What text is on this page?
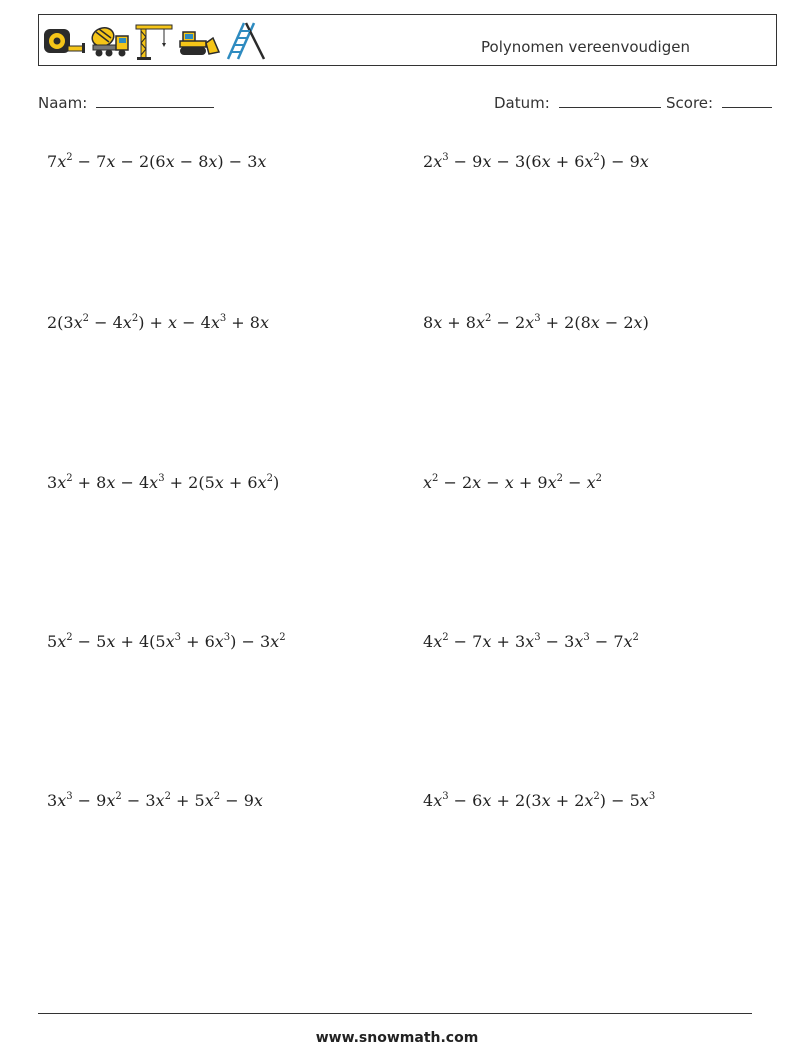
Polynomen vereenvoudigen
Naam:	Datum:	Score:
$7x^2 - 7x - 2(6x - 8x) - 3x$	$2x^3 - 9x - 3(6x + 6x^2) - 9x$
$2(3x^2 - 4x^2) + x - 4x^3 + 8x$	$8x + 8x^2 - 2x^3 + 2(8x - 2x)$
$3x^2 + 8x - 4x^3 + 2(5x + 6x^2)$	$x^2 - 2x - x + 9x^2 - x^2$
$5x^2 - 5x + 4(5x^3 + 6x^3) - 3x^2$	$4x^2 - 7x + 3x^3 - 3x^3 - 7x^2$
$3x^3 - 9x^2 - 3x^2 + 5x^2 - 9x$	$4x^3 - 6x + 2(3x + 2x^2) - 5x^3$
www.snowmath.com
